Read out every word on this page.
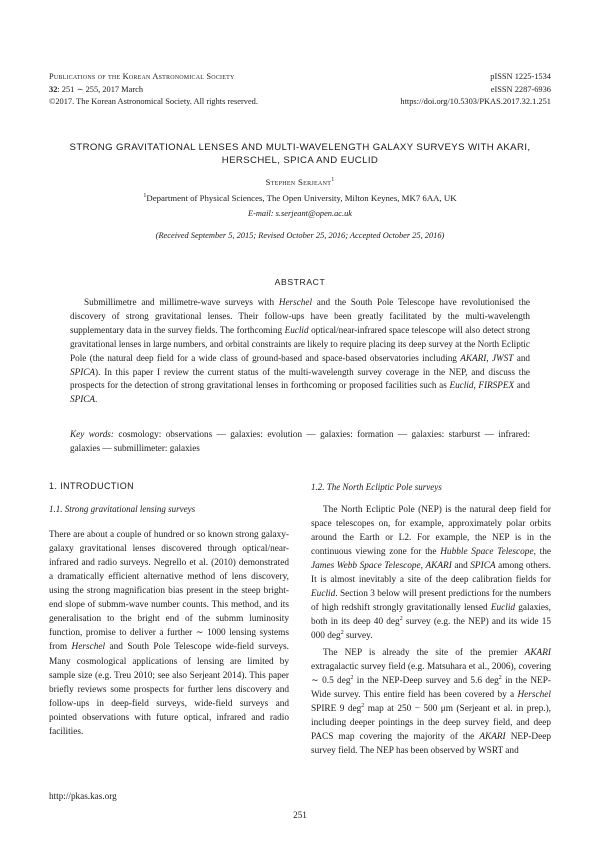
Publications of the Korean Astronomical Society
32: 251 ∼ 255, 2017 March
©2017. The Korean Astronomical Society. All rights reserved.
pISSN 1225-1534
eISSN 2287-6936
https://doi.org/10.5303/PKAS.2017.32.1.251
STRONG GRAVITATIONAL LENSES AND MULTI-WAVELENGTH GALAXY SURVEYS WITH AKARI,
HERSCHEL, SPICA AND EUCLID
Stephen Serjeant$^1$
$^1$Department of Physical Sciences, The Open University, Milton Keynes, MK7 6AA, UK
E-mail: s.serjeant@open.ac.uk
(Received September 5, 2015; Revised October 25, 2016; Accepted October 25, 2016)
ABSTRACT
Submillimetre and millimetre-wave surveys with Herschel and the South Pole Telescope have revolutionised the discovery of strong gravitational lenses. Their follow-ups have been greatly facilitated by the multi-wavelength supplementary data in the survey fields. The forthcoming Euclid optical/near-infrared space telescope will also detect strong gravitational lenses in large numbers, and orbital constraints are likely to require placing its deep survey at the North Ecliptic Pole (the natural deep field for a wide class of ground-based and space-based observatories including AKARI, JWST and SPICA). In this paper I review the current status of the multi-wavelength survey coverage in the NEP, and discuss the prospects for the detection of strong gravitational lenses in forthcoming or proposed facilities such as Euclid, FIRSPEX and SPICA.
Key words: cosmology: observations — galaxies: evolution — galaxies: formation — galaxies: starburst — infrared: galaxies — submillimeter: galaxies
1. INTRODUCTION
1.1. Strong gravitational lensing surveys

There are about a couple of hundred or so known strong galaxy-galaxy gravitational lenses discovered through optical/near-infrared and radio surveys. Negrello et al. (2010) demonstrated a dramatically efficient alternative method of lens discovery, using the strong magnification bias present in the steep bright-end slope of submm-wave number counts. This method, and its generalisation to the bright end of the submm luminosity function, promise to deliver a further ∼ 1000 lensing systems from Herschel and South Pole Telescope wide-field surveys. Many cosmological applications of lensing are limited by sample size (e.g. Treu 2010; see also Serjeant 2014). This paper briefly reviews some prospects for further lens discovery and follow-ups in deep-field surveys, wide-field surveys and pointed observations with future optical, infrared and radio facilities.

1.2. The North Ecliptic Pole surveys

The North Ecliptic Pole (NEP) is the natural deep field for space telescopes on, for example, approximately polar orbits around the Earth or L2. For example, the NEP is in the continuous viewing zone for the Hubble Space Telescope, the James Webb Space Telescope, AKARI and SPICA among others. It is almost inevitably a site of the deep calibration fields for Euclid. Section 3 below will present predictions for the numbers of high redshift strongly gravitationally lensed Euclid galaxies, both in its deep 40 deg$^2$ survey (e.g. the NEP) and its wide 15 000 deg$^2$ survey.

The NEP is already the site of the premier AKARI extragalactic survey field (e.g. Matsuhara et al., 2006), covering ∼ 0.5 deg$^2$ in the NEP-Deep survey and 5.6 deg$^2$ in the NEP-Wide survey. This entire field has been covered by a Herschel SPIRE 9 deg$^2$ map at 250 − 500 μm (Serjeant et al. in prep.), including deeper pointings in the deep survey field, and deep PACS map covering the majority of the AKARI NEP-Deep survey field. The NEP has been observed by WSRT and

http://pkas.kas.org
251
